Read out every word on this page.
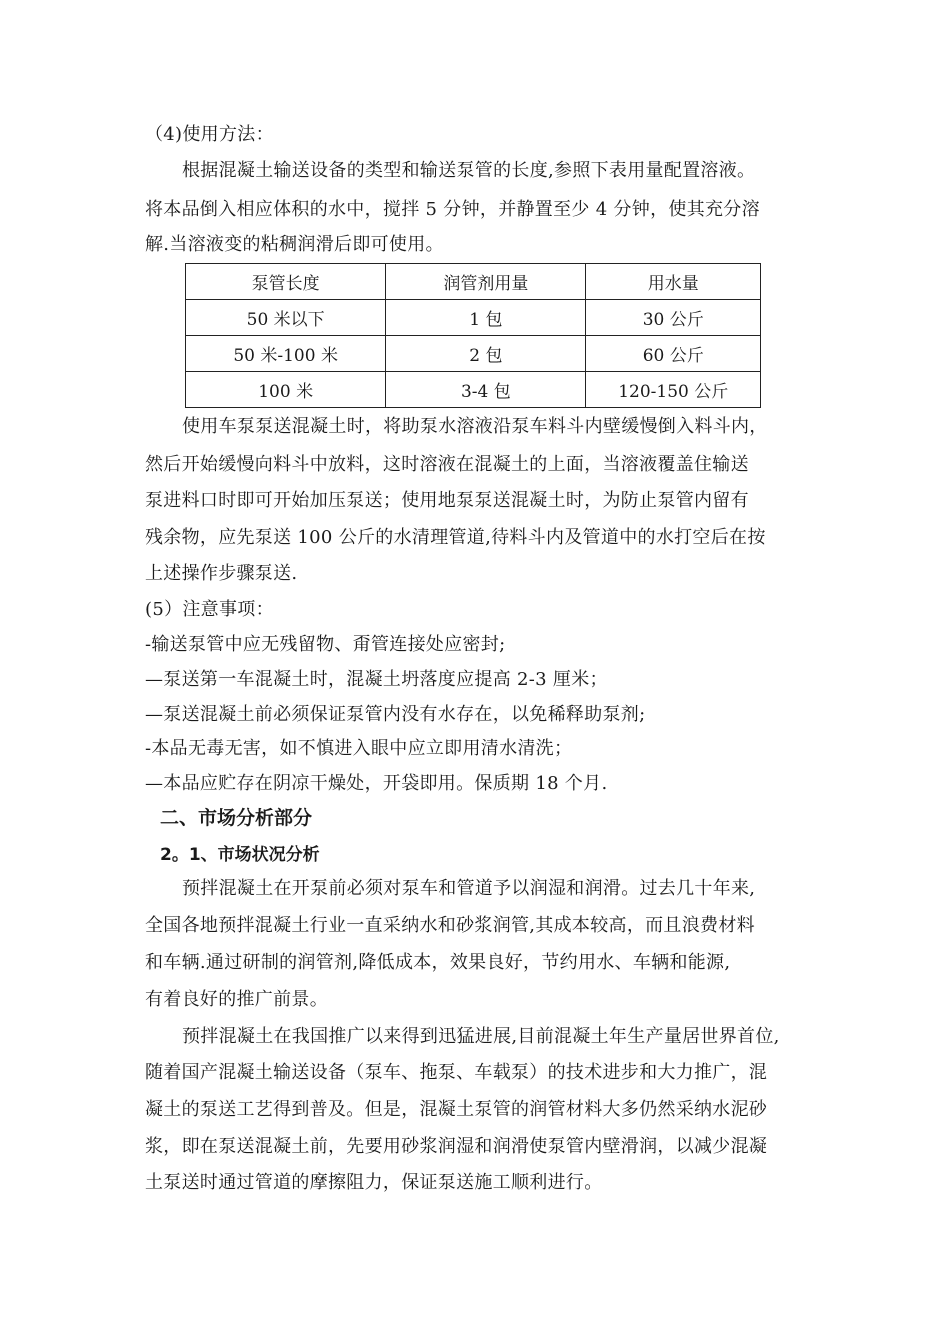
（4)使用方法：
根据混凝土输送设备的类型和输送泵管的长度,参照下表用量配置溶液。
将本品倒入相应体积的水中，搅拌 5 分钟，并静置至少 4 分钟，使其充分溶
解.当溶液变的粘稠润滑后即可使用。
泵管长度	润管剂用量	用水量
50 米以下	1 包	30 公斤
50 米-100 米	2 包	60 公斤
100 米	3-4 包	120-150 公斤
使用车泵泵送混凝土时，将助泵水溶液沿泵车料斗内壁缓慢倒入料斗内，
然后开始缓慢向料斗中放料，这时溶液在混凝土的上面，当溶液覆盖住输送
泵进料口时即可开始加压泵送；使用地泵泵送混凝土时，为防止泵管内留有
残余物，应先泵送 100 公斤的水清理管道,待料斗内及管道中的水打空后在按
上述操作步骤泵送.
(5）注意事项：
-输送泵管中应无残留物、甭管连接处应密封;
—泵送第一车混凝土时，混凝土坍落度应提高 2-3 厘米；
—泵送混凝土前必须保证泵管内没有水存在，以免稀释助泵剂;
-本品无毒无害，如不慎进入眼中应立即用清水清洗；
—本品应贮存在阴凉干燥处，开袋即用。保质期 18 个月.
二、市场分析部分
2。1、市场状况分析
预拌混凝土在开泵前必须对泵车和管道予以润湿和润滑。过去几十年来,
全国各地预拌混凝土行业一直采纳水和砂浆润管,其成本较高，而且浪费材料
和车辆.通过研制的润管剂,降低成本，效果良好，节约用水、车辆和能源,
有着良好的推广前景。
预拌混凝土在我国推广以来得到迅猛进展,目前混凝土年生产量居世界首位,
随着国产混凝土输送设备（泵车、拖泵、车载泵）的技术进步和大力推广，混
凝土的泵送工艺得到普及。但是，混凝土泵管的润管材料大多仍然采纳水泥砂
浆，即在泵送混凝土前，先要用砂浆润湿和润滑使泵管内壁滑润，以减少混凝
土泵送时通过管道的摩擦阻力，保证泵送施工顺利进行。
